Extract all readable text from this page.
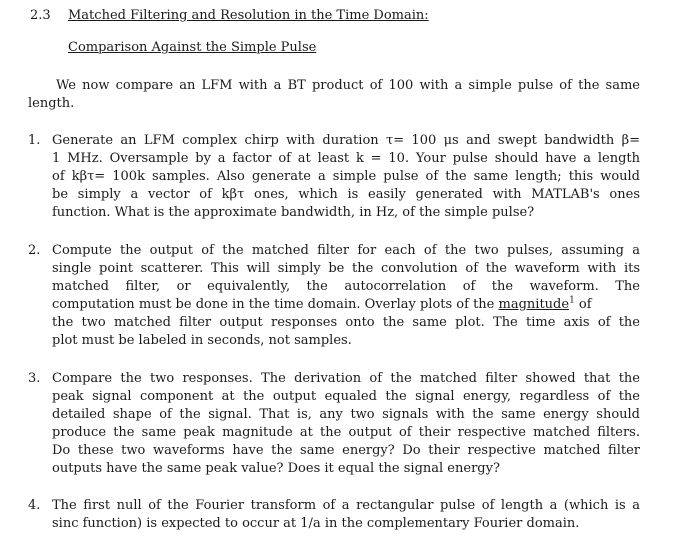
2.3 Matched Filtering and Resolution in the Time Domain:
Comparison Against the Simple Pulse
We now compare an LFM with a BT product of 100 with a simple pulse of the same
length.
1. Generate an LFM complex chirp with duration τ= 100 μs and swept bandwidth β=
1 MHz. Oversample by a factor of at least k = 10. Your pulse should have a length
of kβτ= 100k samples. Also generate a simple pulse of the same length; this would
be simply a vector of kβτ ones, which is easily generated with MATLAB's ones
function. What is the approximate bandwidth, in Hz, of the simple pulse?
2. Compute the output of the matched filter for each of the two pulses, assuming a
single point scatterer. This will simply be the convolution of the waveform with its
matched filter, or equivalently, the autocorrelation of the waveform. The
computation must be done in the time domain. Overlay plots of the magnitude$^1$ of
the two matched filter output responses onto the same plot. The time axis of the
plot must be labeled in seconds, not samples.
3. Compare the two responses. The derivation of the matched filter showed that the
peak signal component at the output equaled the signal energy, regardless of the
detailed shape of the signal. That is, any two signals with the same energy should
produce the same peak magnitude at the output of their respective matched filters.
Do these two waveforms have the same energy? Do their respective matched filter
outputs have the same peak value? Does it equal the signal energy?
4. The first null of the Fourier transform of a rectangular pulse of length a (which is a
sinc function) is expected to occur at 1/a in the complementary Fourier domain.
